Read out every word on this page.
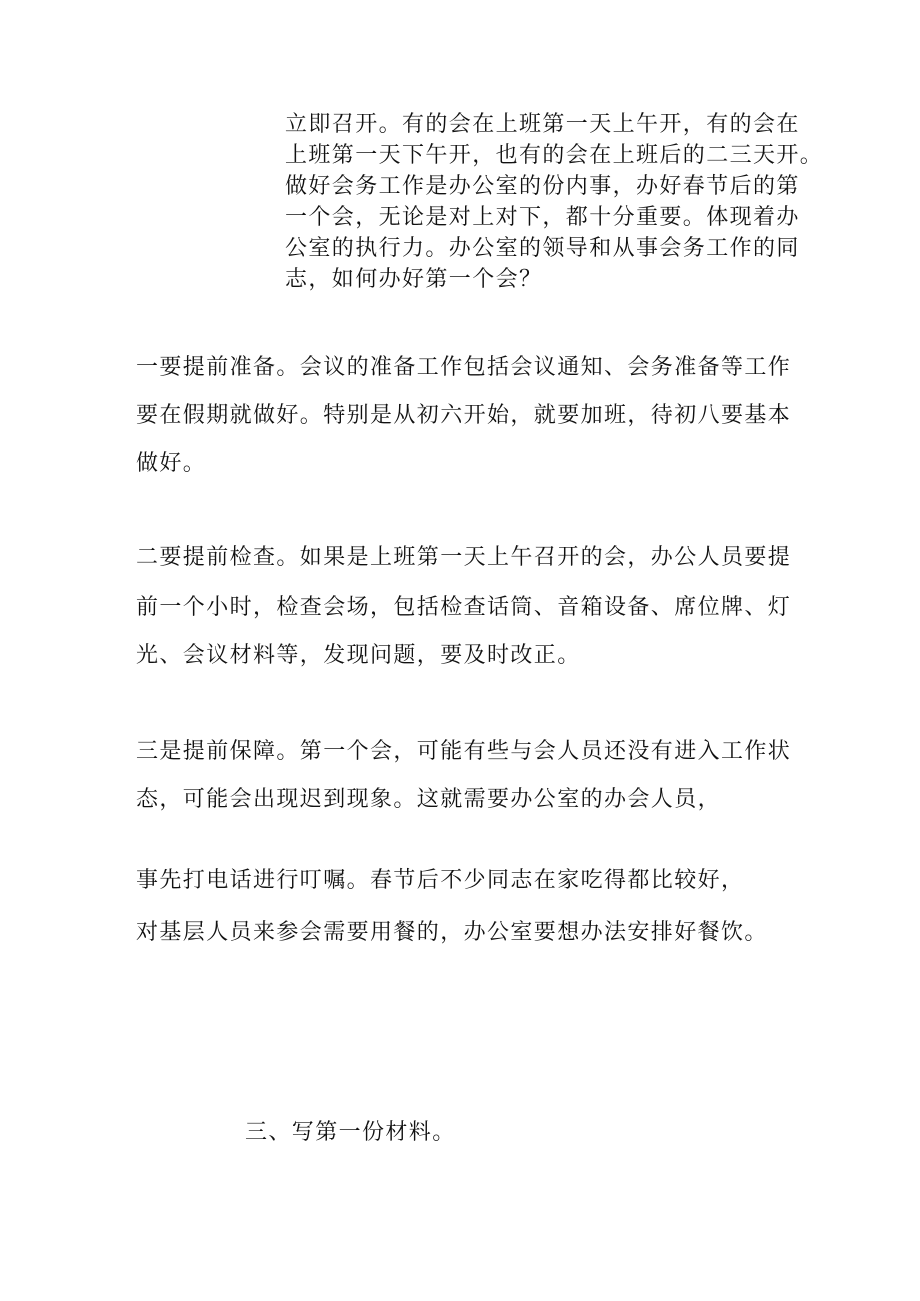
立即召开。有的会在上班第一天上午开，有的会在
上班第一天下午开，也有的会在上班后的二三天开。
做好会务工作是办公室的份内事，办好春节后的第
一个会，无论是对上对下，都十分重要。体现着办
公室的执行力。办公室的领导和从事会务工作的同
志，如何办好第一个会？
一要提前准备。会议的准备工作包括会议通知、会务准备等工作
要在假期就做好。特别是从初六开始，就要加班，待初八要基本
做好。
二要提前检查。如果是上班第一天上午召开的会，办公人员要提
前一个小时，检查会场，包括检查话筒、音箱设备、席位牌、灯
光、会议材料等，发现问题，要及时改正。
三是提前保障。第一个会，可能有些与会人员还没有进入工作状
态，可能会出现迟到现象。这就需要办公室的办会人员，
事先打电话进行叮嘱。春节后不少同志在家吃得都比较好，
对基层人员来参会需要用餐的，办公室要想办法安排好餐饮。
三、写第一份材料。
